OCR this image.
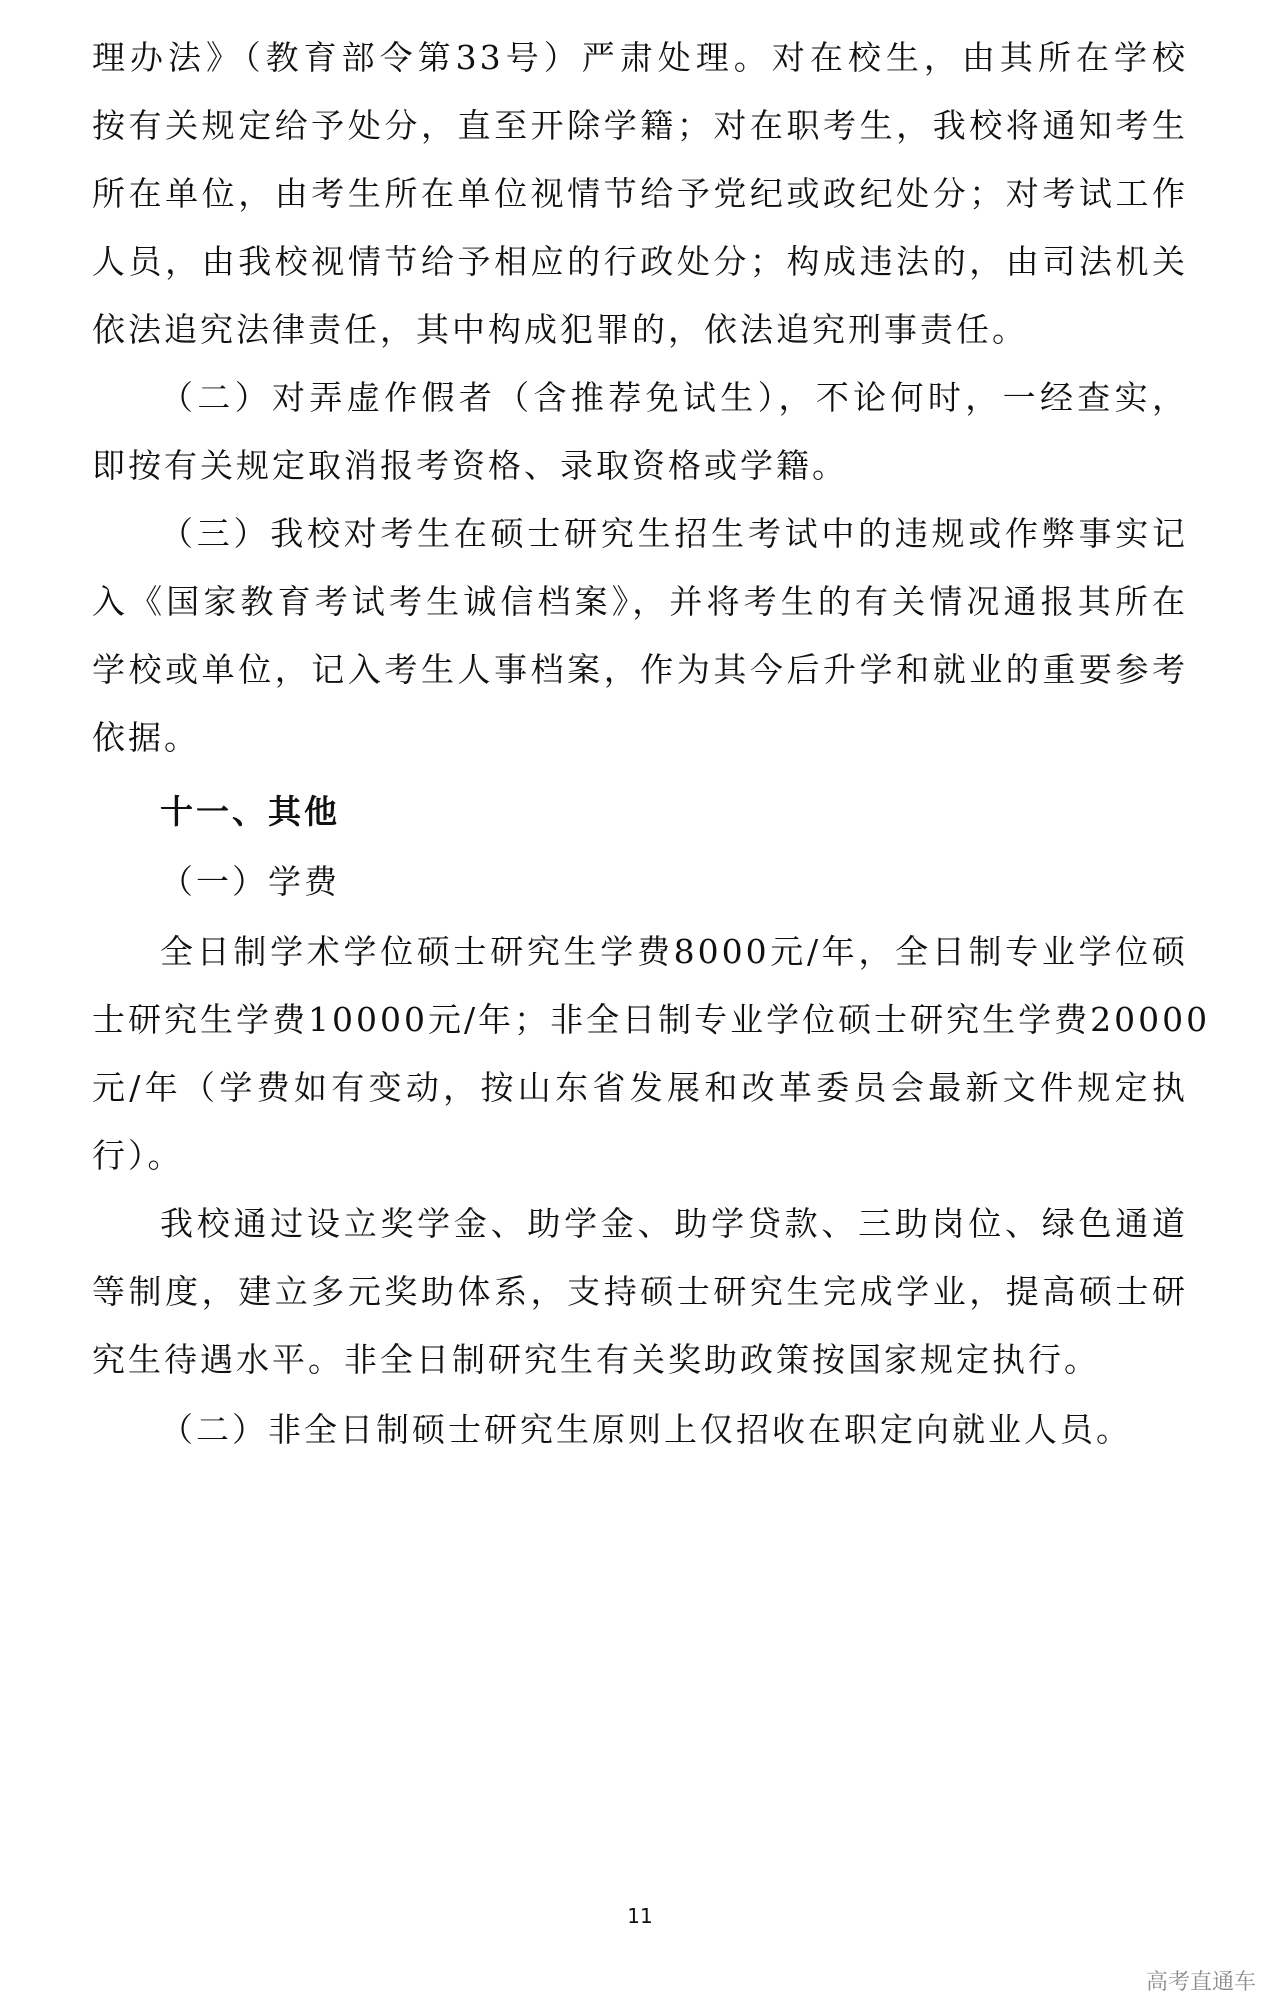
理办法》（教育部令第33号）严肃处理。对在校生，由其所在学校
按有关规定给予处分，直至开除学籍；对在职考生，我校将通知考生
所在单位，由考生所在单位视情节给予党纪或政纪处分；对考试工作
人员，由我校视情节给予相应的行政处分；构成违法的，由司法机关
依法追究法律责任，其中构成犯罪的，依法追究刑事责任。
（二）对弄虚作假者（含推荐免试生），不论何时，一经查实，
即按有关规定取消报考资格、录取资格或学籍。
（三）我校对考生在硕士研究生招生考试中的违规或作弊事实记
入《国家教育考试考生诚信档案》，并将考生的有关情况通报其所在
学校或单位，记入考生人事档案，作为其今后升学和就业的重要参考
依据。
十一、其他
（一）学费
全日制学术学位硕士研究生学费8000元/年，全日制专业学位硕
士研究生学费10000元/年；非全日制专业学位硕士研究生学费20000
元/年（学费如有变动，按山东省发展和改革委员会最新文件规定执
行）。
我校通过设立奖学金、助学金、助学贷款、三助岗位、绿色通道
等制度，建立多元奖助体系，支持硕士研究生完成学业，提高硕士研
究生待遇水平。非全日制研究生有关奖助政策按国家规定执行。
（二）非全日制硕士研究生原则上仅招收在职定向就业人员。
11
高考直通车
